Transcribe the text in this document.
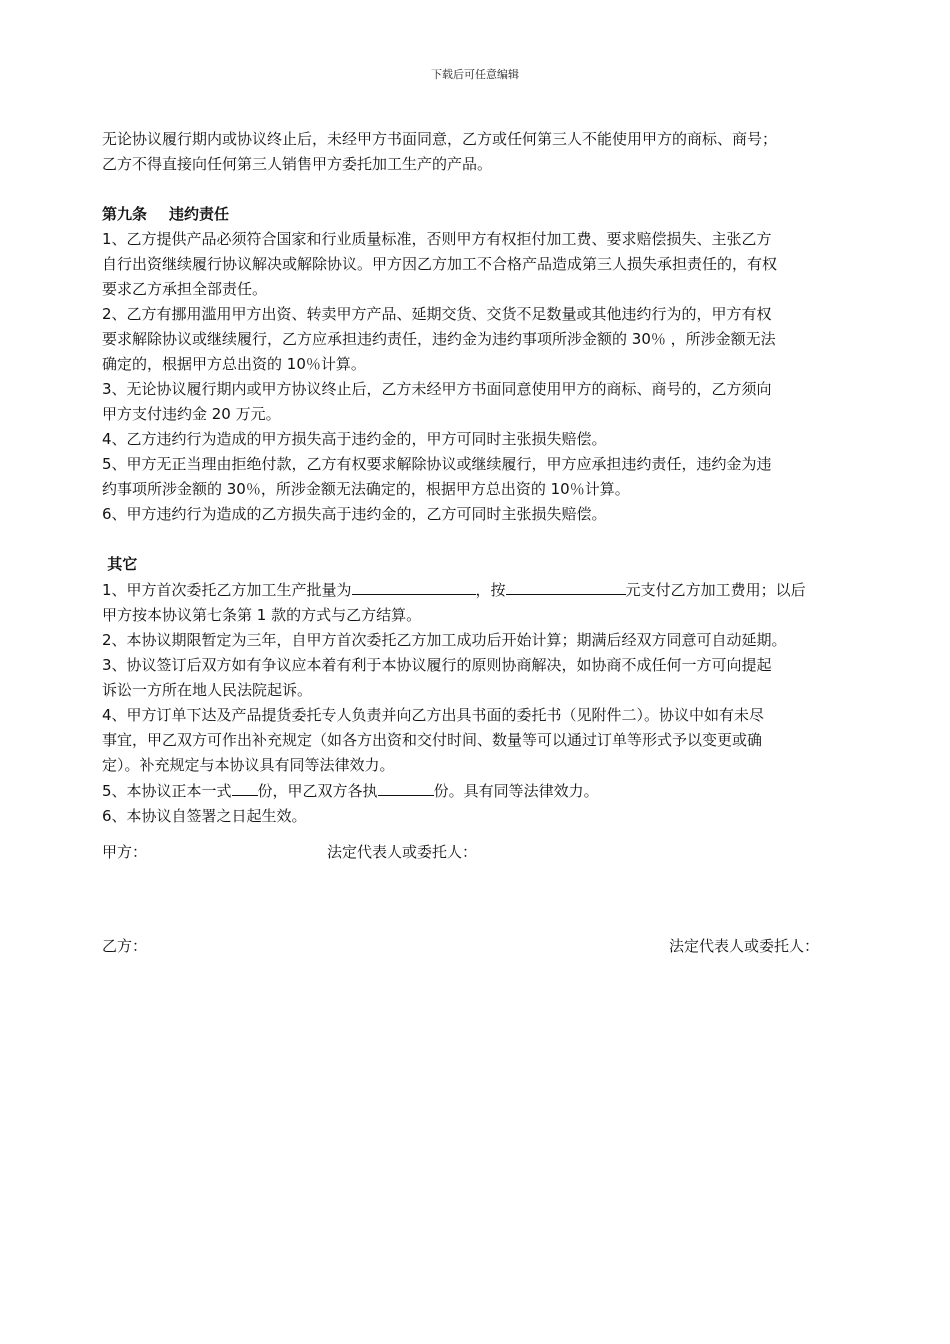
下载后可任意编辑

无论协议履行期内或协议终止后，未经甲方书面同意，乙方或任何第三人不能使用甲方的商标、商号；

乙方不得直接向任何第三人销售甲方委托加工生产的产品。

第九条 违约责任

1、乙方提供产品必须符合国家和行业质量标准，否则甲方有权拒付加工费、要求赔偿损失、主张乙方

自行出资继续履行协议解决或解除协议。甲方因乙方加工不合格产品造成第三人损失承担责任的，有权

要求乙方承担全部责任。

2、乙方有挪用滥用甲方出资、转卖甲方产品、延期交货、交货不足数量或其他违约行为的，甲方有权

要求解除协议或继续履行，乙方应承担违约责任，违约金为违约事项所涉金额的 30％ ，所涉金额无法

确定的，根据甲方总出资的 10％计算。

3、无论协议履行期内或甲方协议终止后，乙方未经甲方书面同意使用甲方的商标、商号的，乙方须向

甲方支付违约金 20 万元。

4、乙方违约行为造成的甲方损失高于违约金的，甲方可同时主张损失赔偿。

5、甲方无正当理由拒绝付款，乙方有权要求解除协议或继续履行，甲方应承担违约责任，违约金为违

约事项所涉金额的 30％，所涉金额无法确定的，根据甲方总出资的 10％计算。

6、甲方违约行为造成的乙方损失高于违约金的，乙方可同时主张损失赔偿。

其它

1、甲方首次委托乙方加工生产批量为	，按	元支付乙方加工费用；以后

甲方按本协议第七条第 1 款的方式与乙方结算。

2、本协议期限暂定为三年，自甲方首次委托乙方加工成功后开始计算；期满后经双方同意可自动延期。

3、协议签订后双方如有争议应本着有利于本协议履行的原则协商解决，如协商不成任何一方可向提起

诉讼一方所在地人民法院起诉。

4、甲方订单下达及产品提货委托专人负责并向乙方出具书面的委托书（见附件二）。协议中如有未尽

事宜，甲乙双方可作出补充规定（如各方出资和交付时间、数量等可以通过订单等形式予以变更或确

定）。补充规定与本协议具有同等法律效力。

5、本协议正本一式 份，甲乙双方各执	份。具有同等法律效力。

6、本协议自签署之日起生效。

甲方：	法定代表人或委托人：
乙方：	法定代表人或委托人：
